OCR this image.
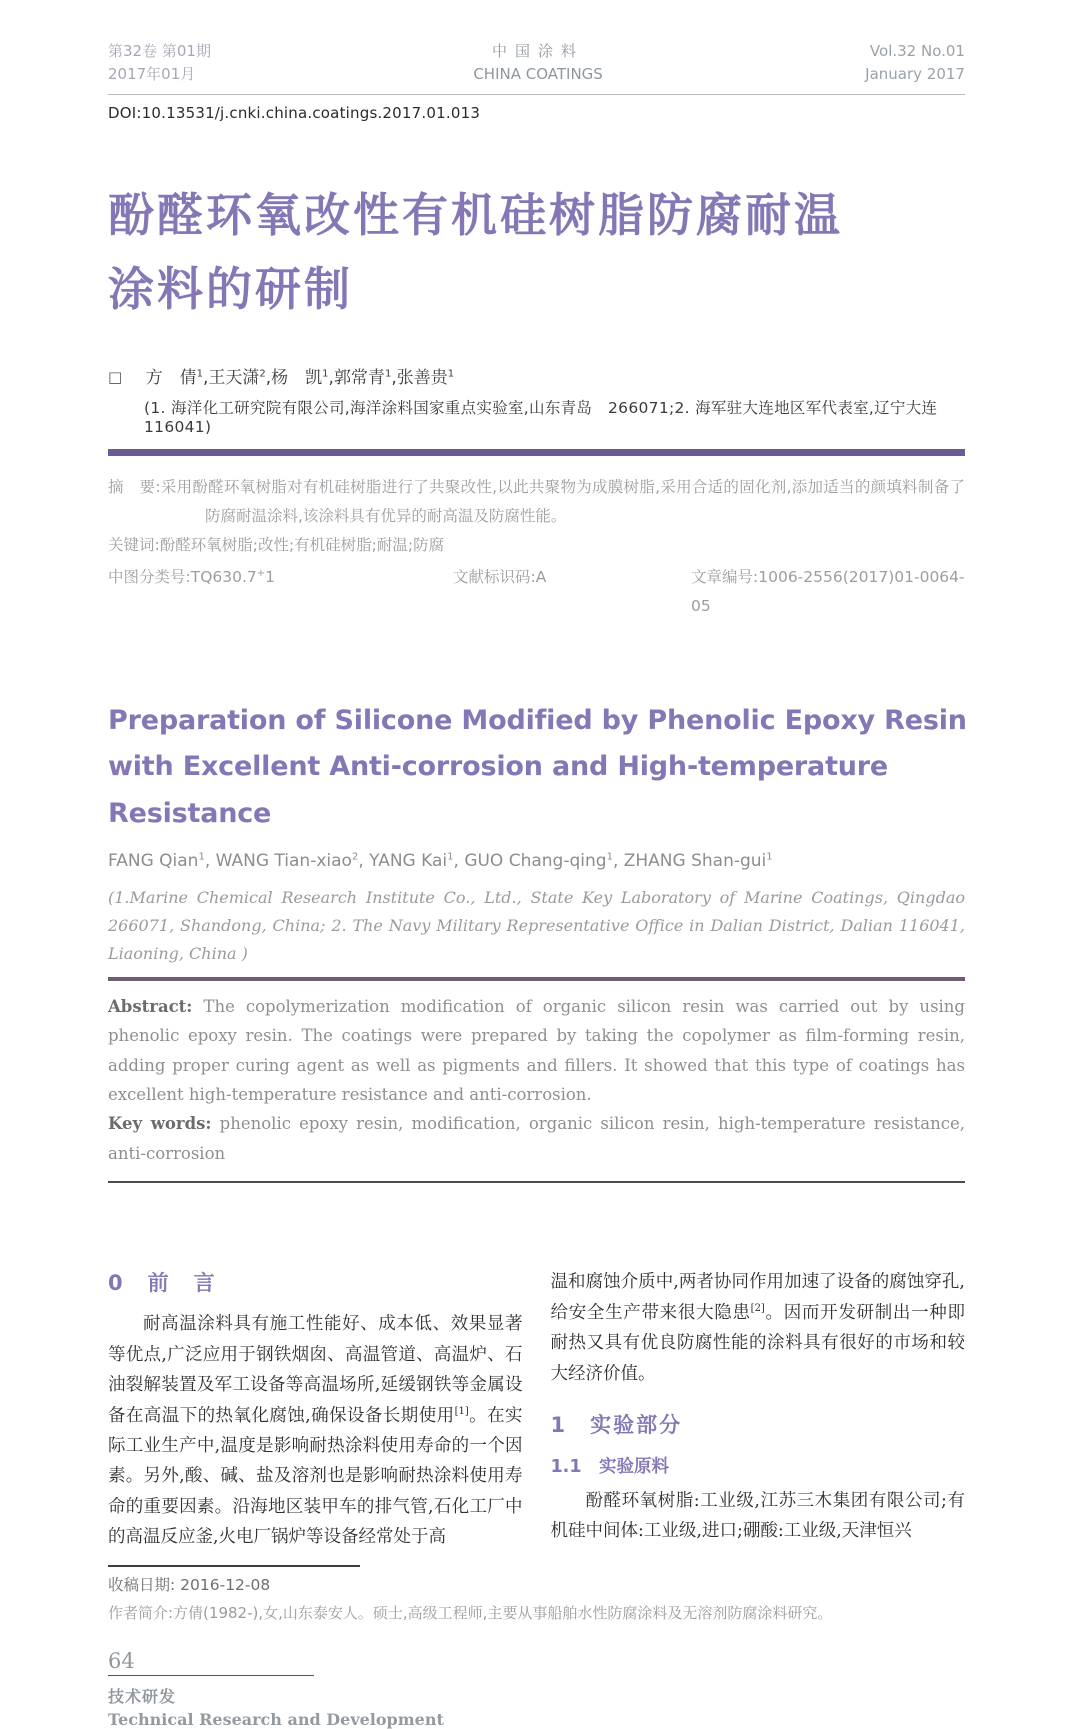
第32卷 第01期
2017年01月
中国涂料
CHINA COATINGS
Vol.32 No.01
January 2017
DOI:10.13531/j.cnki.china.coatings.2017.01.013
酚醛环氧改性有机硅树脂防腐耐温
涂料的研制
□ 方　倩$^1$,王天潇$^2$,杨　凯$^1$,郭常青$^1$,张善贵$^1$
(1. 海洋化工研究院有限公司,海洋涂料国家重点实验室,山东青岛　266071;2. 海军驻大连地区军代表室,辽宁大连　116041)
摘　要:采用酚醛环氧树脂对有机硅树脂进行了共聚改性,以此共聚物为成膜树脂,采用合适的固化剂,添加适当的颜填料制备了防腐耐温涂料,该涂料具有优异的耐高温及防腐性能。
关键词:酚醛环氧树脂;改性;有机硅树脂;耐温;防腐
中图分类号:TQ630.7+1	文献标识码:A	文章编号:1006-2556(2017)01-0064-05
Preparation of Silicone Modified by Phenolic Epoxy Resin
with Excellent Anti-corrosion and High-temperature
Resistance
FANG Qian$^1$, WANG Tian-xiao$^2$, YANG Kai$^1$, GUO Chang-qing$^1$, ZHANG Shan-gui$^1$
(1.Marine Chemical Research Institute Co., Ltd., State Key Laboratory of Marine Coatings, Qingdao 266071, Shandong, China; 2. The Navy Military Representative Office in Dalian District, Dalian 116041, Liaoning, China )
Abstract: The copolymerization modification of organic silicon resin was carried out by using phenolic epoxy resin. The coatings were prepared by taking the copolymer as film-forming resin, adding proper curing agent as well as pigments and fillers. It showed that this type of coatings has excellent high-temperature resistance and anti-corrosion.
Key words: phenolic epoxy resin, modification, organic silicon resin, high-temperature resistance, anti-corrosion
0　前　言

耐高温涂料具有施工性能好、成本低、效果显著等优点,广泛应用于钢铁烟囱、高温管道、高温炉、石油裂解装置及军工设备等高温场所,延缓钢铁等金属设备在高温下的热氧化腐蚀,确保设备长期使用[1]。在实际工业生产中,温度是影响耐热涂料使用寿命的一个因素。另外,酸、碱、盐及溶剂也是影响耐热涂料使用寿命的重要因素。沿海地区装甲车的排气管,石化工厂中的高温反应釜,火电厂锅炉等设备经常处于高

温和腐蚀介质中,两者协同作用加速了设备的腐蚀穿孔,给安全生产带来很大隐患[2]。因而开发研制出一种即耐热又具有优良防腐性能的涂料具有很好的市场和较大经济价值。

1　实验部分
1.1　实验原料

酚醛环氧树脂:工业级,江苏三木集团有限公司;有机硅中间体:工业级,进口;硼酸:工业级,天津恒兴

收稿日期: 2016-12-08
作者简介:方倩(1982-),女,山东泰安人。硕士,高级工程师,主要从事船舶水性防腐涂料及无溶剂防腐涂料研究。
64
技术研发
Technical Research and Development
